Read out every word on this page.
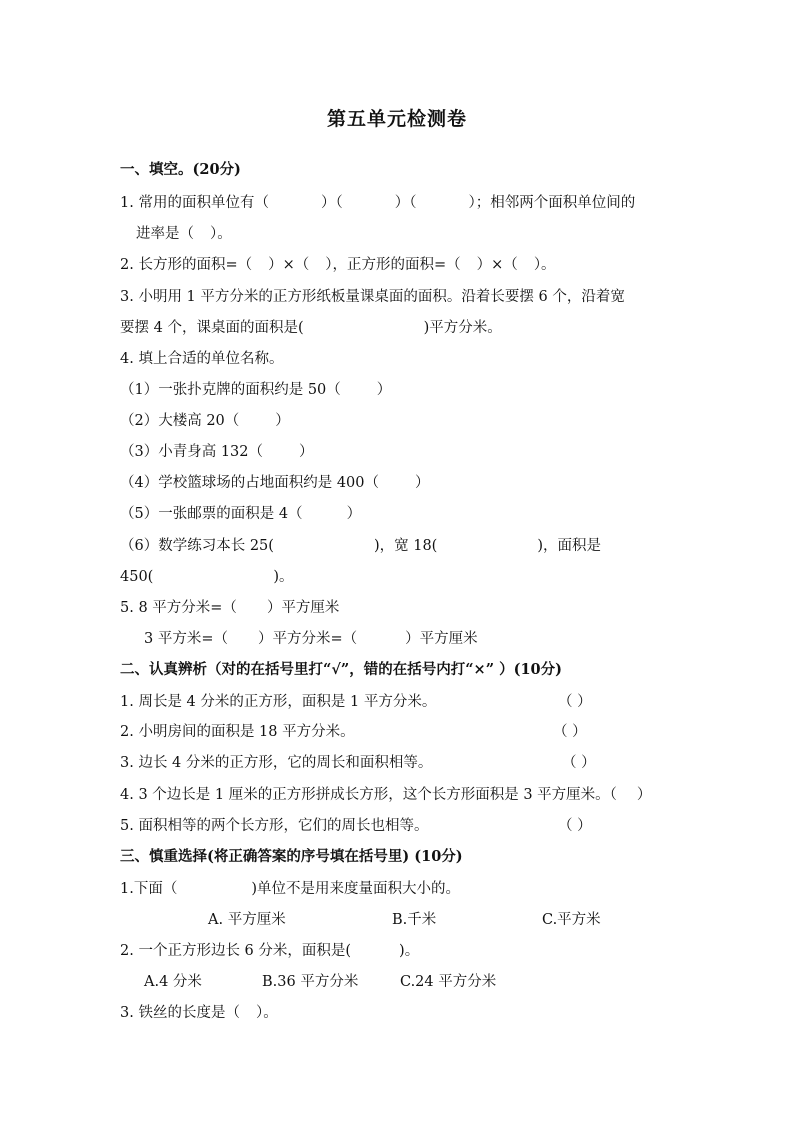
第五单元检测卷
一、填空。(20分)
1. 常用的面积单位有（	）（	）（	）；相邻两个面积单位间的
进率是（ ）。
2. 长方形的面积=（ ）×（ ），正方形的面积=（ ）×（ ）。
3. 小明用 1 平方分米的正方形纸板量课桌面的面积。沿着长要摆 6 个，沿着宽
要摆 4 个，课桌面的面积是(	)平方分米。
4. 填上合适的单位名称。
（1）一张扑克牌的面积约是 50（ ）
（2）大楼高 20（ ）
（3）小青身高 132（ ）
（4）学校篮球场的占地面积约是 400（ ）
（5）一张邮票的面积是 4（	）
（6）数学练习本长 25(	)，宽 18(	)，面积是
450(	)。
5. 8 平方分米=（ ）平方厘米
3 平方米=（ ）平方分米=（	）平方厘米
二、认真辨析（对的在括号里打“√”，错的在括号内打“×” ）(10分)
1. 周长是 4 分米的正方形，面积是 1 平方分米。	（ ）
2. 小明房间的面积是 18 平方分米。	（ ）
3. 边长 4 分米的正方形，它的周长和面积相等。	（ ）
4. 3 个边长是 1 厘米的正方形拼成长方形，这个长方形面积是 3 平方厘米。（ ）
5. 面积相等的两个长方形，它们的周长也相等。	（ ）
三、慎重选择(将正确答案的序号填在括号里) (10分)
1.下面（	)单位不是用来度量面积大小的。
A. 平方厘米	B.千米	C.平方米
2. 一个正方形边长 6 分米，面积是(	)。
A.4 分米	B.36 平方分米	C.24 平方分米
3. 铁丝的长度是（ ）。
